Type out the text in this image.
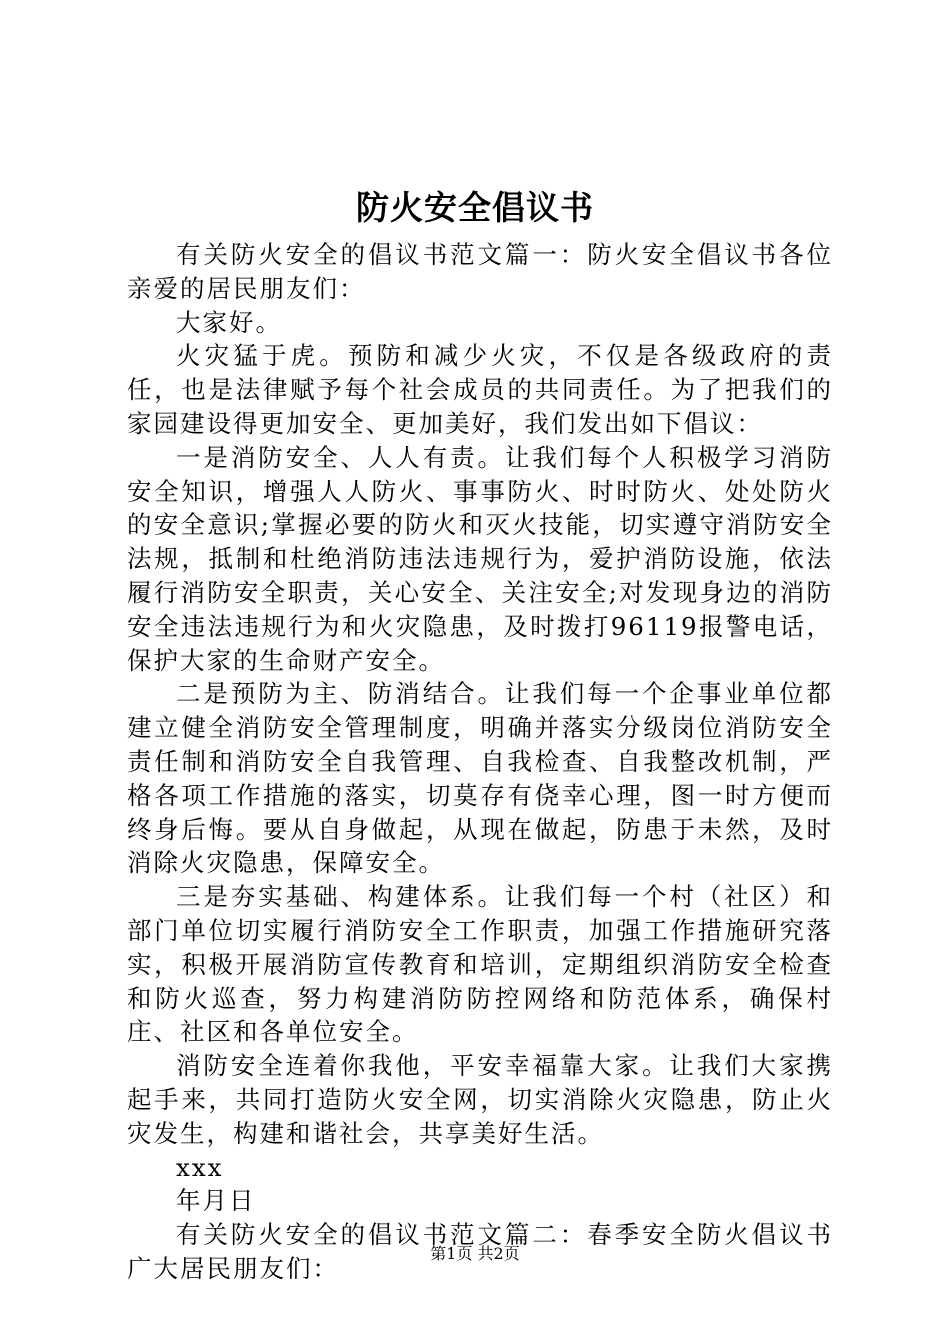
防火安全倡议书

有关防火安全的倡议书范文篇一：防火安全倡议书各位亲爱的居民朋友们：

大家好。

火灾猛于虎。预防和减少火灾，不仅是各级政府的责任，也是法律赋予每个社会成员的共同责任。为了把我们的家园建设得更加安全、更加美好，我们发出如下倡议：

一是消防安全、人人有责。让我们每个人积极学习消防安全知识，增强人人防火、事事防火、时时防火、处处防火的安全意识;掌握必要的防火和灭火技能，切实遵守消防安全法规，抵制和杜绝消防违法违规行为，爱护消防设施，依法履行消防安全职责，关心安全、关注安全;对发现身边的消防安全违法违规行为和火灾隐患，及时拨打96119报警电话，保护大家的生命财产安全。

二是预防为主、防消结合。让我们每一个企事业单位都建立健全消防安全管理制度，明确并落实分级岗位消防安全责任制和消防安全自我管理、自我检查、自我整改机制，严格各项工作措施的落实，切莫存有侥幸心理，图一时方便而终身后悔。要从自身做起，从现在做起，防患于未然，及时消除火灾隐患，保障安全。

三是夯实基础、构建体系。让我们每一个村（社区）和部门单位切实履行消防安全工作职责，加强工作措施研究落实，积极开展消防宣传教育和培训，定期组织消防安全检查和防火巡查，努力构建消防防控网络和防范体系，确保村庄、社区和各单位安全。

消防安全连着你我他，平安幸福靠大家。让我们大家携起手来，共同打造防火安全网，切实消除火灾隐患，防止火灾发生，构建和谐社会，共享美好生活。

xxx

年月日

有关防火安全的倡议书范文篇二：春季安全防火倡议书广大居民朋友们：

第1页 共2页
